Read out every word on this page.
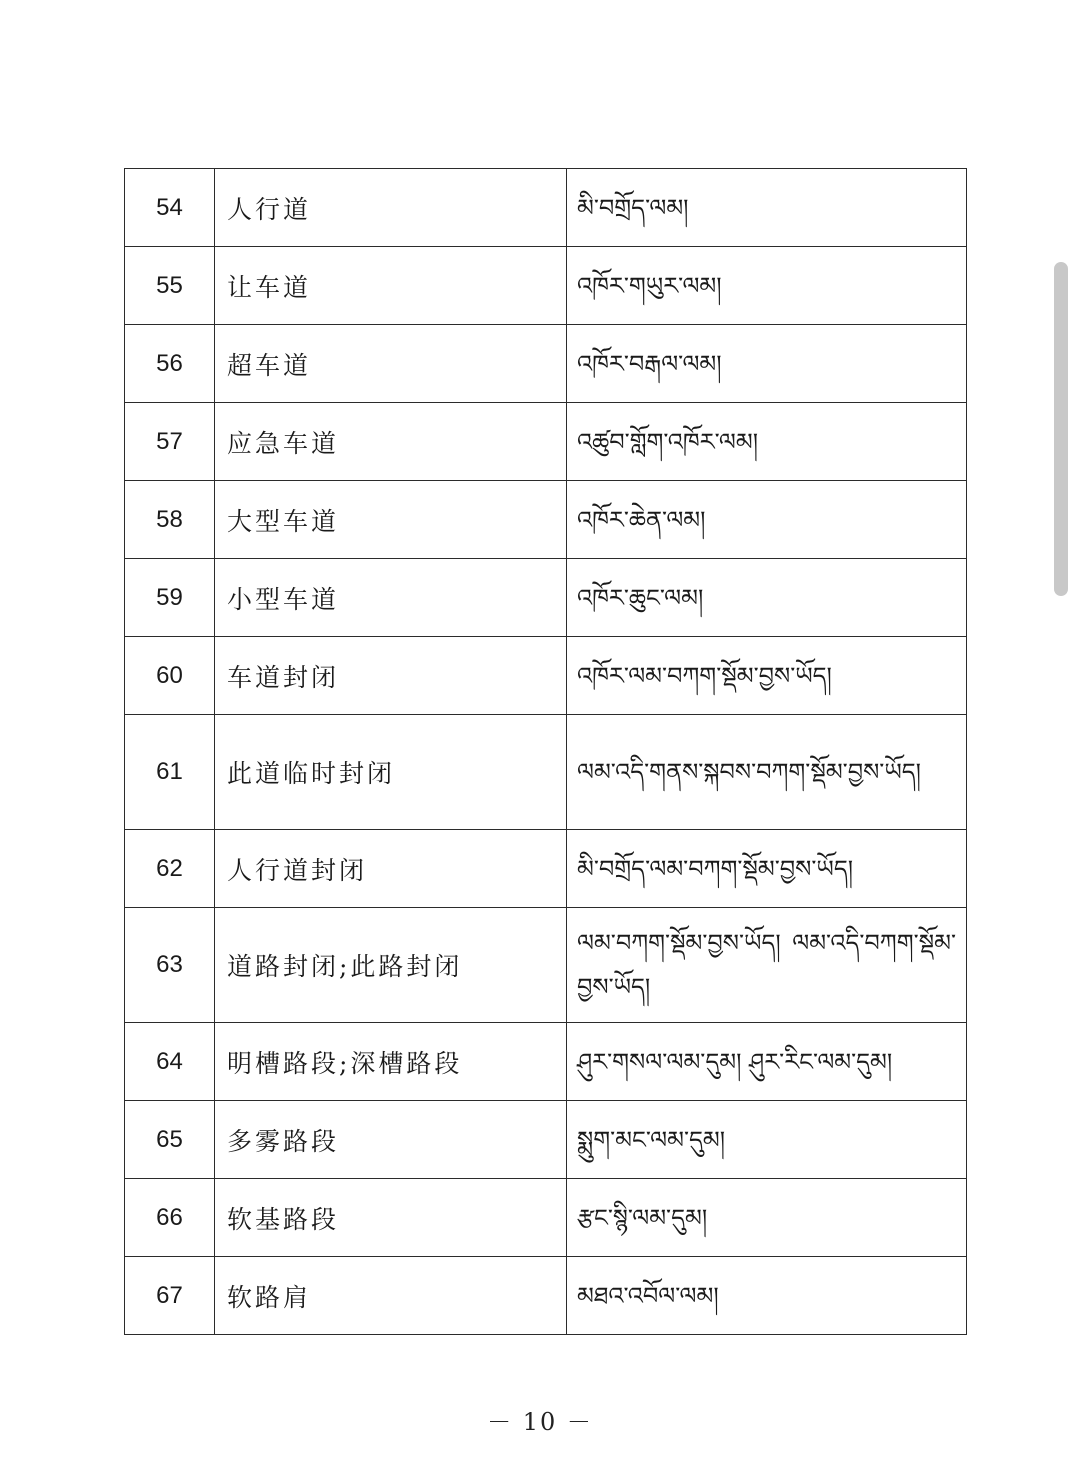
54	人行道	མི་བགྲོད་ལམ།
55	让车道	འཁོར་གཡུར་ལམ།
56	超车道	འཁོར་བརྒལ་ལམ།
57	应急车道	འཚུབ་གློག་འཁོར་ལམ།
58	大型车道	འཁོར་ཆེན་ལམ།
59	小型车道	འཁོར་ཆུང་ལམ།
60	车道封闭	འཁོར་ལམ་བཀག་སྡོམ་བྱས་ཡོད།
61	此道临时封闭	ལམ་འདི་གནས་སྐབས་བཀག་སྡོམ་བྱས་ཡོད།
62	人行道封闭	མི་བགྲོད་ལམ་བཀག་སྡོམ་བྱས་ཡོད།
63	道路封闭;此路封闭	ལམ་བཀག་སྡོམ་བྱས་ཡོད། ལམ་འདི་བཀག་སྡོམ་བྱས་ཡོད།
64	明槽路段;深槽路段	ཤུར་གསལ་ལམ་དུམ། ཤུར་རིང་ལམ་དུམ།
65	多雾路段	སྨུག་མང་ལམ་དུམ།
66	软基路段	རྩང་སྙི་ལམ་དུམ།
67	软路肩	མཐའ་འབོལ་ལམ།
－ 10 －
